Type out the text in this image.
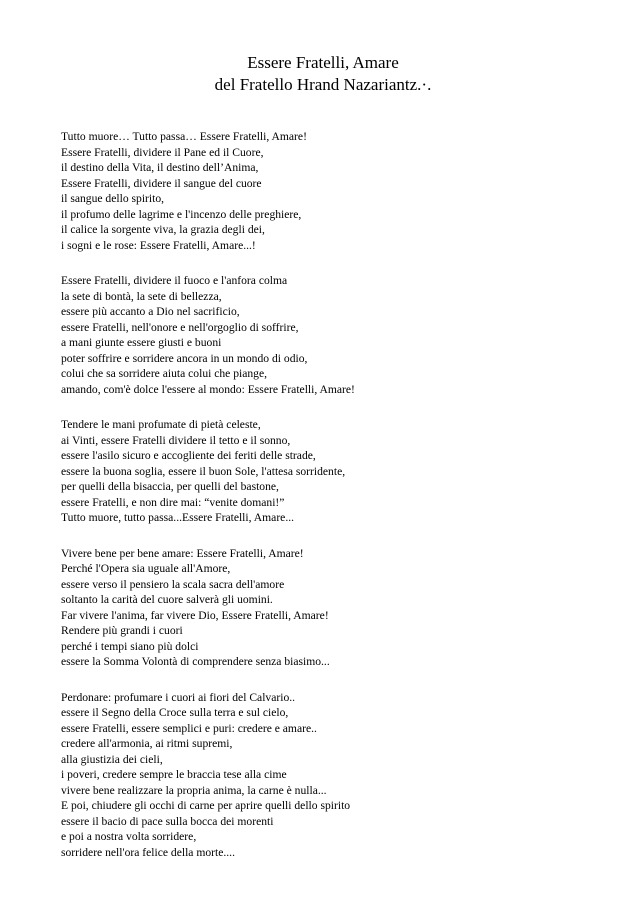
Essere Fratelli, Amare
del Fratello Hrand Nazariantz.·.
Tutto muore… Tutto passa… Essere Fratelli, Amare!
Essere Fratelli, dividere il Pane ed il Cuore,
il destino della Vita, il destino dell’Anima,
Essere Fratelli, dividere il sangue del cuore
il sangue dello spirito,
il profumo delle lagrime e l'incenzo delle preghiere,
il calice la sorgente viva, la grazia degli dei,
i sogni e le rose: Essere Fratelli, Amare...!
Essere Fratelli, dividere il fuoco e l'anfora colma
la sete di bontà, la sete di bellezza,
essere più accanto a Dio nel sacrificio,
essere Fratelli, nell'onore e nell'orgoglio di soffrire,
a mani giunte essere giusti e buoni
poter soffrire e sorridere ancora in un mondo di odio,
colui che sa sorridere aiuta colui che piange,
amando, com'è dolce l'essere al mondo: Essere Fratelli, Amare!
Tendere le mani profumate di pietà celeste,
ai Vinti, essere Fratelli dividere il tetto e il sonno,
essere l'asilo sicuro e accogliente dei feriti delle strade,
essere la buona soglia, essere il buon Sole, l'attesa sorridente,
per quelli della bisaccia, per quelli del bastone,
essere Fratelli, e non dire mai: “venite domani!”
Tutto muore, tutto passa...Essere Fratelli, Amare...
Vivere bene per bene amare: Essere Fratelli, Amare!
Perché l'Opera sia uguale all'Amore,
essere verso il pensiero la scala sacra dell'amore
soltanto la carità del cuore salverà gli uomini.
Far vivere l'anima, far vivere Dio, Essere Fratelli, Amare!
Rendere più grandi i cuori
perché i tempi siano più dolci
essere la Somma Volontà di comprendere senza biasimo...
Perdonare: profumare i cuori ai fiori del Calvario..
essere il Segno della Croce sulla terra e sul cielo,
essere Fratelli, essere semplici e puri: credere e amare..
credere all'armonia, ai ritmi supremi,
alla giustizia dei cieli,
i poveri, credere sempre le braccia tese alla cime
vivere bene realizzare la propria anima, la carne è nulla...
E poi, chiudere gli occhi di carne per aprire quelli dello spirito
essere il bacio di pace sulla bocca dei morenti
e poi a nostra volta sorridere,
sorridere nell'ora felice della morte....
